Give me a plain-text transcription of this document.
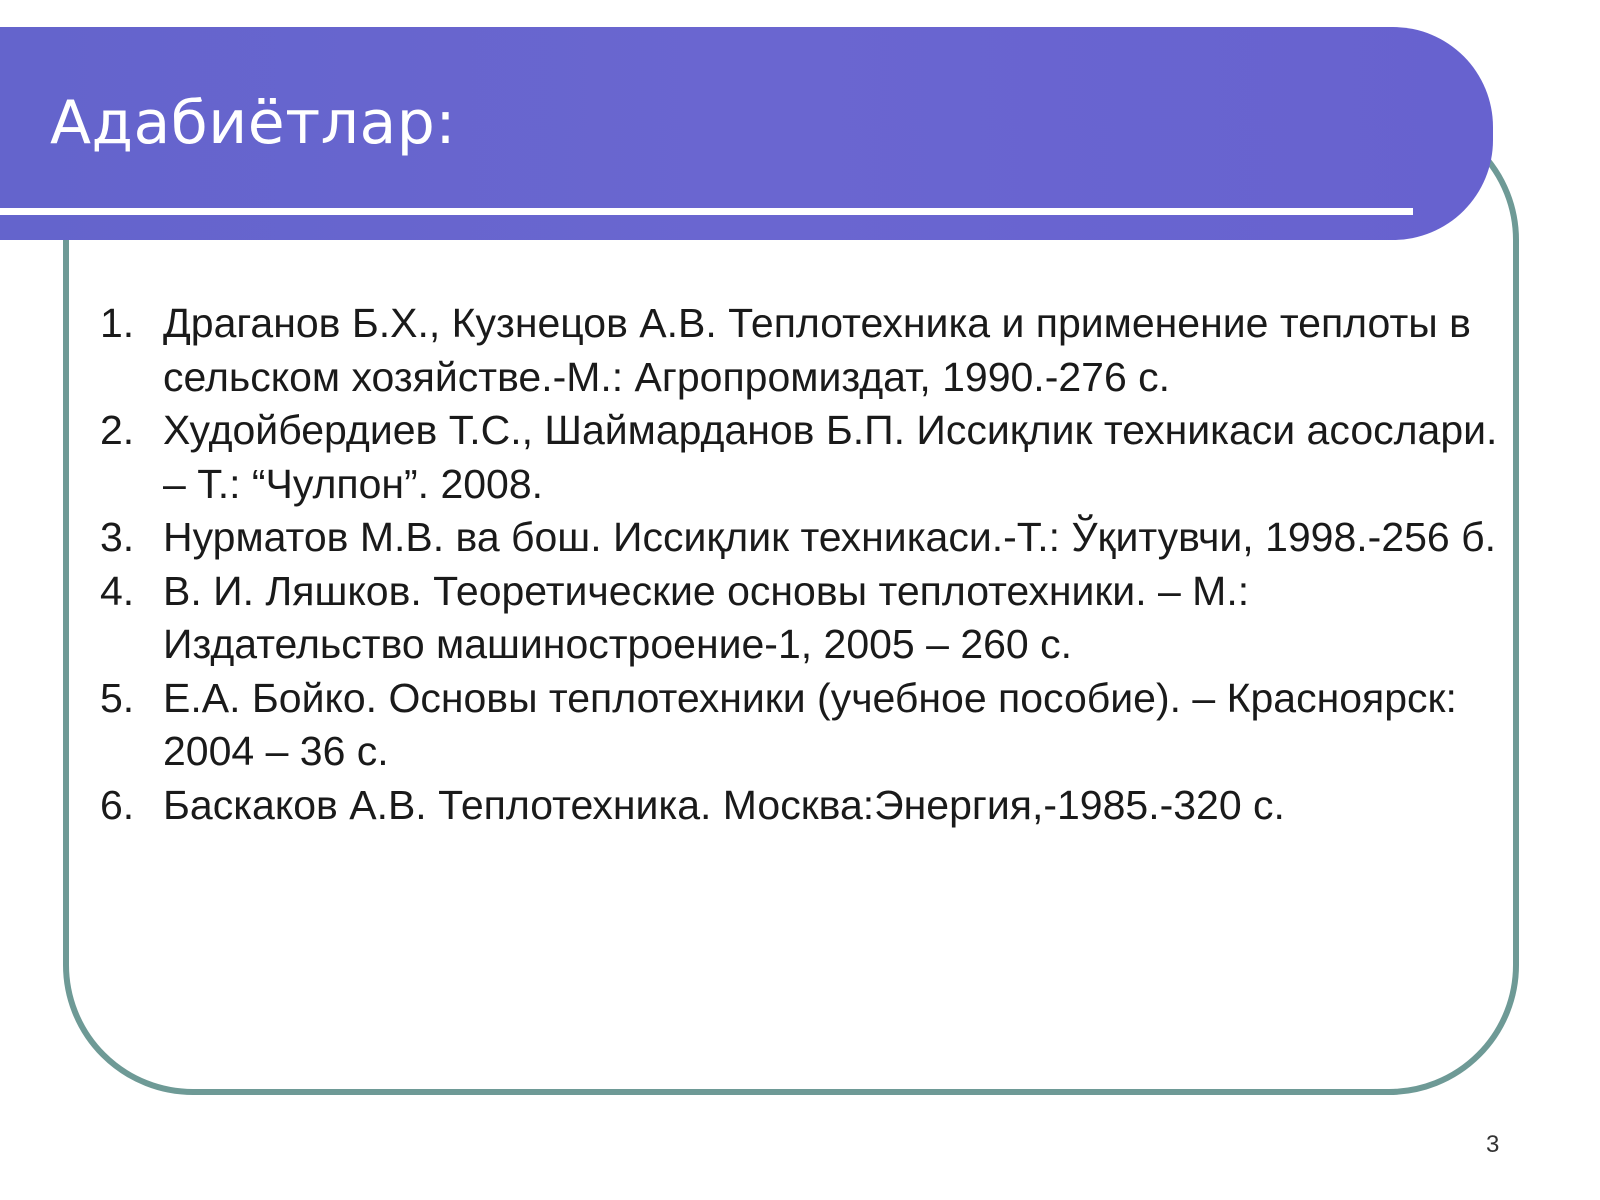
Адабиётлар:
1. Драганов Б.Х., Кузнецов А.В. Теплотехника и применение теплоты в сельском хозяйстве.-М.: Агропромиздат, 1990.-276 с.
2. Худойбердиев Т.С., Шаймарданов Б.П. Иссиқлик техникаси асослари. – Т.: “Чулпон”. 2008.
3. Нурматов М.В. ва бош. Иссиқлик техникаси.-Т.: Ўқитувчи, 1998.-256 б.
4. В. И. Ляшков. Теоретические основы теплотехники. – М.: Издательство машиностроение-1, 2005 – 260 с.
5. Е.А. Бойко. Основы теплотехники (учебное пособие). – Красноярск: 2004 – 36 с.
6. Баскаков А.В. Теплотехника. Москва:Энергия,-1985.-320 с.
3
